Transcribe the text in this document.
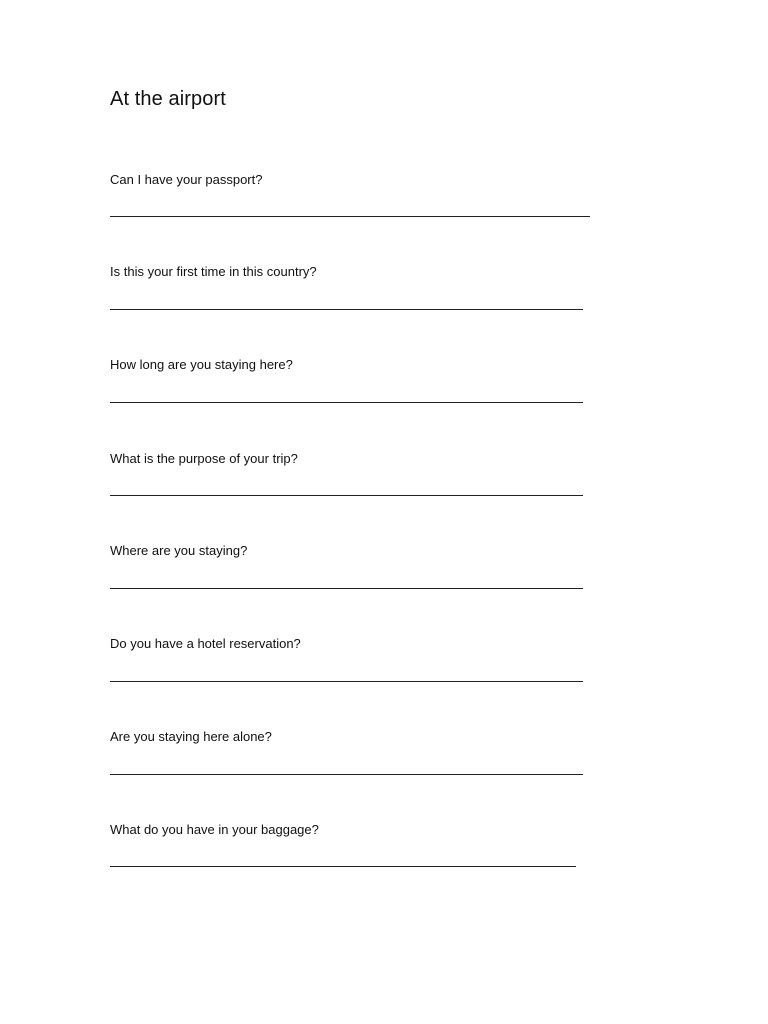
At the airport

Can I have your passport?

Is this your first time in this country?

How long are you staying here?

What is the purpose of your trip?

Where are you staying?

Do you have a hotel reservation?

Are you staying here alone?

What do you have in your baggage?
